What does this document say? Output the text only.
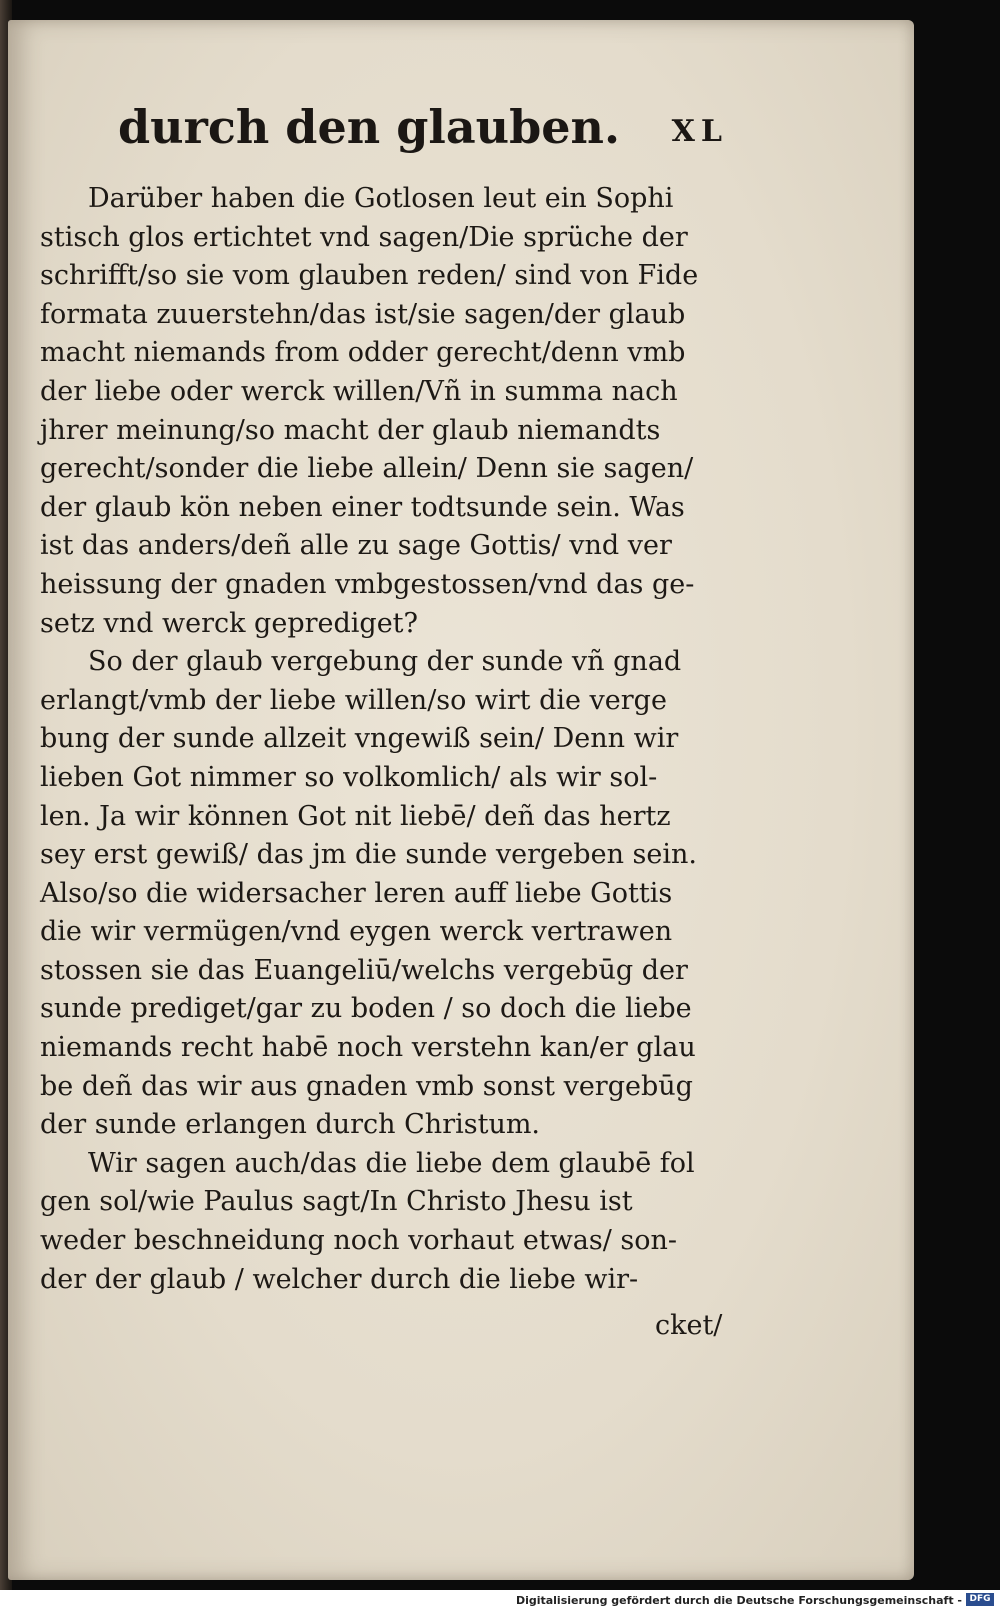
durch den glauben. XL
Darüber haben die Gotlosen leut ein Sophi
stisch glos ertichtet vnd sagen/Die sprüche der
schrifft/so sie vom glauben reden/ sind von Fide
formata zuuerstehn/das ist/sie sagen/der glaub
macht niemands from odder gerecht/denn vmb
der liebe oder werck willen/Vñ in summa nach
jhrer meinung/so macht der glaub niemandts
gerecht/sonder die liebe allein/ Denn sie sagen/
der glaub kön neben einer todtsunde sein. Was
ist das anders/deñ alle zu sage Gottis/ vnd ver
heissung der gnaden vmbgestossen/vnd das ge-
setz vnd werck geprediget?
So der glaub vergebung der sunde vñ gnad
erlangt/vmb der liebe willen/so wirt die verge
bung der sunde allzeit vngewiß sein/ Denn wir
lieben Got nimmer so volkomlich/ als wir sol-
len. Ja wir können Got nit liebē/ deñ das hertz
sey erst gewiß/ das jm die sunde vergeben sein.
Also/so die widersacher leren auff liebe Gottis
die wir vermügen/vnd eygen werck vertrawen
stossen sie das Euangeliū/welchs vergebūg der
sunde prediget/gar zu boden / so doch die liebe
niemands recht habē noch verstehn kan/er glau
be deñ das wir aus gnaden vmb sonst vergebūg
der sunde erlangen durch Christum.
Wir sagen auch/das die liebe dem glaubē fol
gen sol/wie Paulus sagt/In Christo Jhesu ist
weder beschneidung noch vorhaut etwas/ son-
der der glaub / welcher durch die liebe wir-
cket/
Digitalisierung gefördert durch die Deutsche Forschungsgemeinschaft - DFG
